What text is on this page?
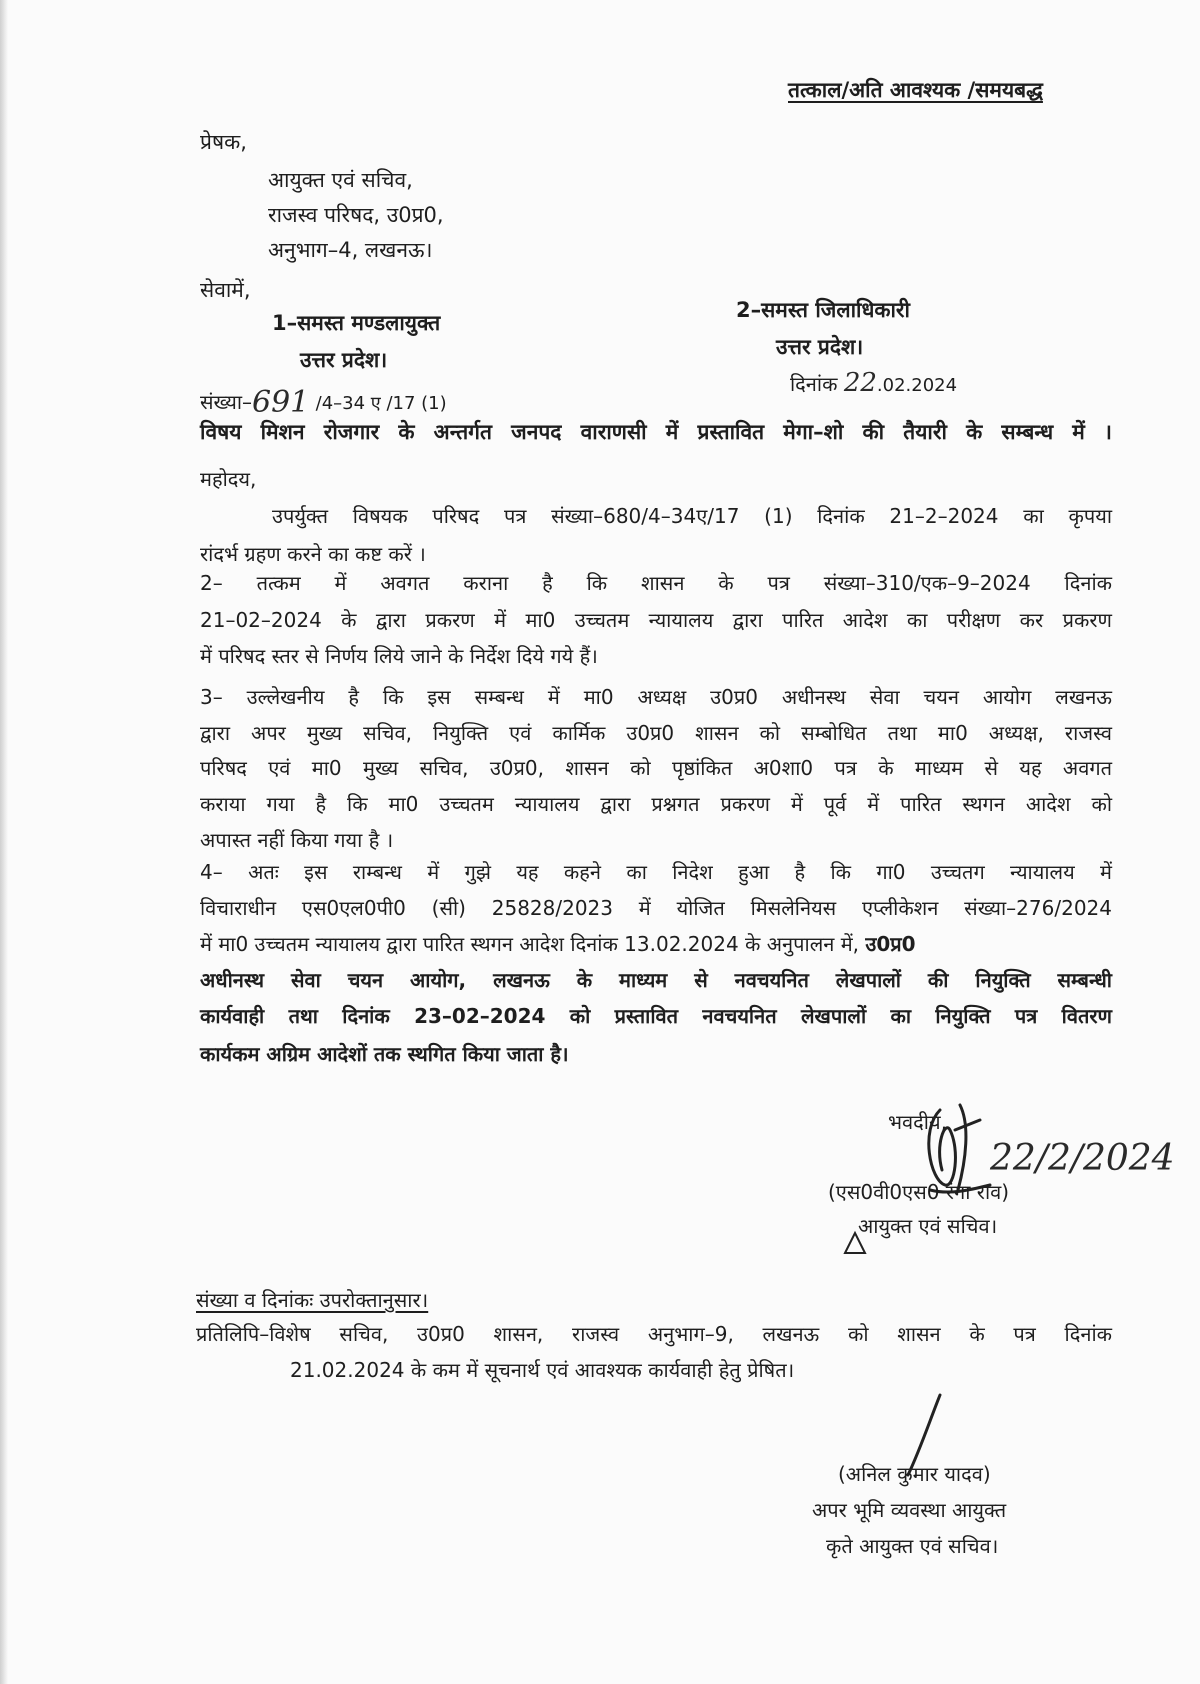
तत्काल/अति आवश्यक /समयबद्ध
प्रेषक,
आयुक्त एवं सचिव,
राजस्व परिषद, उ0प्र0,
अनुभाग–4, लखनऊ।
सेवामें,
1–समस्त मण्डलायुक्त
उत्तर प्रदेश।
2–समस्त जिलाधिकारी
उत्तर प्रदेश।
संख्या–691 /4–34 ए /17 (1)
दिनांक 22.02.2024
विषय मिशन रोजगार के अन्तर्गत जनपद वाराणसी में प्रस्तावित मेगा–शो की तैयारी के सम्बन्ध में ।
महोदय,
उपर्युक्त विषयक परिषद पत्र संख्या–680/4–34ए/17 (1) दिनांक 21–2–2024 का कृपया
रांदर्भ ग्रहण करने का कष्ट करें ।
2– तत्कम में अवगत कराना है कि शासन के पत्र संख्या–310/एक–9–2024 दिनांक
21–02–2024 के द्वारा प्रकरण में मा0 उच्चतम न्यायालय द्वारा पारित आदेश का परीक्षण कर प्रकरण
में परिषद स्तर से निर्णय लिये जाने के निर्देश दिये गये हैं।
3– उल्लेखनीय है कि इस सम्बन्ध में मा0 अध्यक्ष उ0प्र0 अधीनस्थ सेवा चयन आयोग लखनऊ
द्वारा अपर मुख्य सचिव, नियुक्ति एवं कार्मिक उ0प्र0 शासन को सम्बोधित तथा मा0 अध्यक्ष, राजस्व
परिषद एवं मा0 मुख्य सचिव, उ0प्र0, शासन को पृष्ठांकित अ0शा0 पत्र के माध्यम से यह अवगत
कराया गया है कि मा0 उच्चतम न्यायालय द्वारा प्रश्नगत प्रकरण में पूर्व में पारित स्थगन आदेश को
अपास्त नहीं किया गया है ।
4– अतः इस राम्बन्ध में गुझे यह कहने का निदेश हुआ है कि गा0 उच्चतग न्यायालय में
विचाराधीन एस0एल0पी0 (सी) 25828/2023 में योजित मिसलेनियस एप्लीकेशन संख्या–276/2024
में मा0 उच्चतम न्यायालय द्वारा पारित स्थगन आदेश दिनांक 13.02.2024 के अनुपालन में, उ0प्र0
अधीनस्थ सेवा चयन आयोग, लखनऊ के माध्यम से नवचयनित लेखपालों की नियुक्ति सम्बन्धी
कार्यवाही तथा दिनांक 23–02–2024 को प्रस्तावित नवचयनित लेखपालों का नियुक्ति पत्र वितरण
कार्यकम अग्रिम आदेशों तक स्थगित किया जाता है।
भवदीय,
22/2/2024
(एस0वी0एस0 रंगा राव)
आयुक्त एवं सचिव।
संख्या व दिनांकः उपरोक्तानुसार।
प्रतिलिपि–विशेष सचिव, उ0प्र0 शासन, राजस्व अनुभाग–9, लखनऊ को शासन के पत्र दिनांक
21.02.2024 के कम में सूचनार्थ एवं आवश्यक कार्यवाही हेतु प्रेषित।
(अनिल कुमार यादव)
अपर भूमि व्यवस्था आयुक्त
कृते आयुक्त एवं सचिव।
